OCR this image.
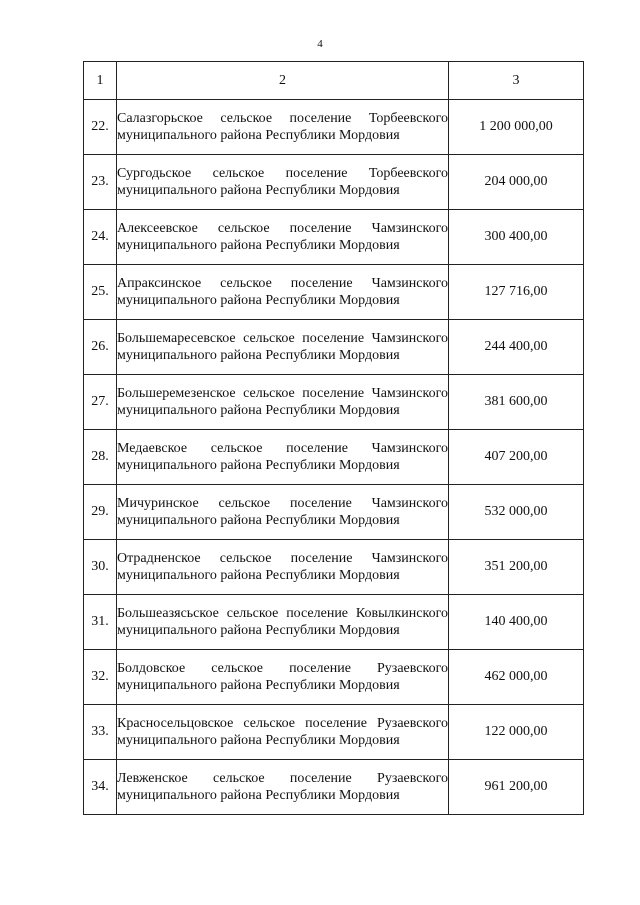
4
1	2	3
22.	Салазгорьское сельское поселение Торбеевского муниципального района Республики Мордовия	1 200 000,00
23.	Сургодьское сельское поселение Торбеевского муниципального района Республики Мордовия	204 000,00
24.	Алексеевское сельское поселение Чамзинского муниципального района Республики Мордовия	300 400,00
25.	Апраксинское сельское поселение Чамзинского муниципального района Республики Мордовия	127 716,00
26.	Большемаресевское сельское поселение Чамзинского муниципального района Республики Мордовия	244 400,00
27.	Большеремезенское сельское поселение Чамзинского муниципального района Республики Мордовия	381 600,00
28.	Медаевское сельское поселение Чамзинского муниципального района Республики Мордовия	407 200,00
29.	Мичуринское сельское поселение Чамзинского муниципального района Республики Мордовия	532 000,00
30.	Отрадненское сельское поселение Чамзинского муниципального района Республики Мордовия	351 200,00
31.	Большеазясьское сельское поселение Ковылкинского муниципального района Республики Мордовия	140 400,00
32.	Болдовское сельское поселение Рузаевского муниципального района Республики Мордовия	462 000,00
33.	Красносельцовское сельское поселение Рузаевского муниципального района Республики Мордовия	122 000,00
34.	Левженское сельское поселение Рузаевского муниципального района Республики Мордовия	961 200,00
